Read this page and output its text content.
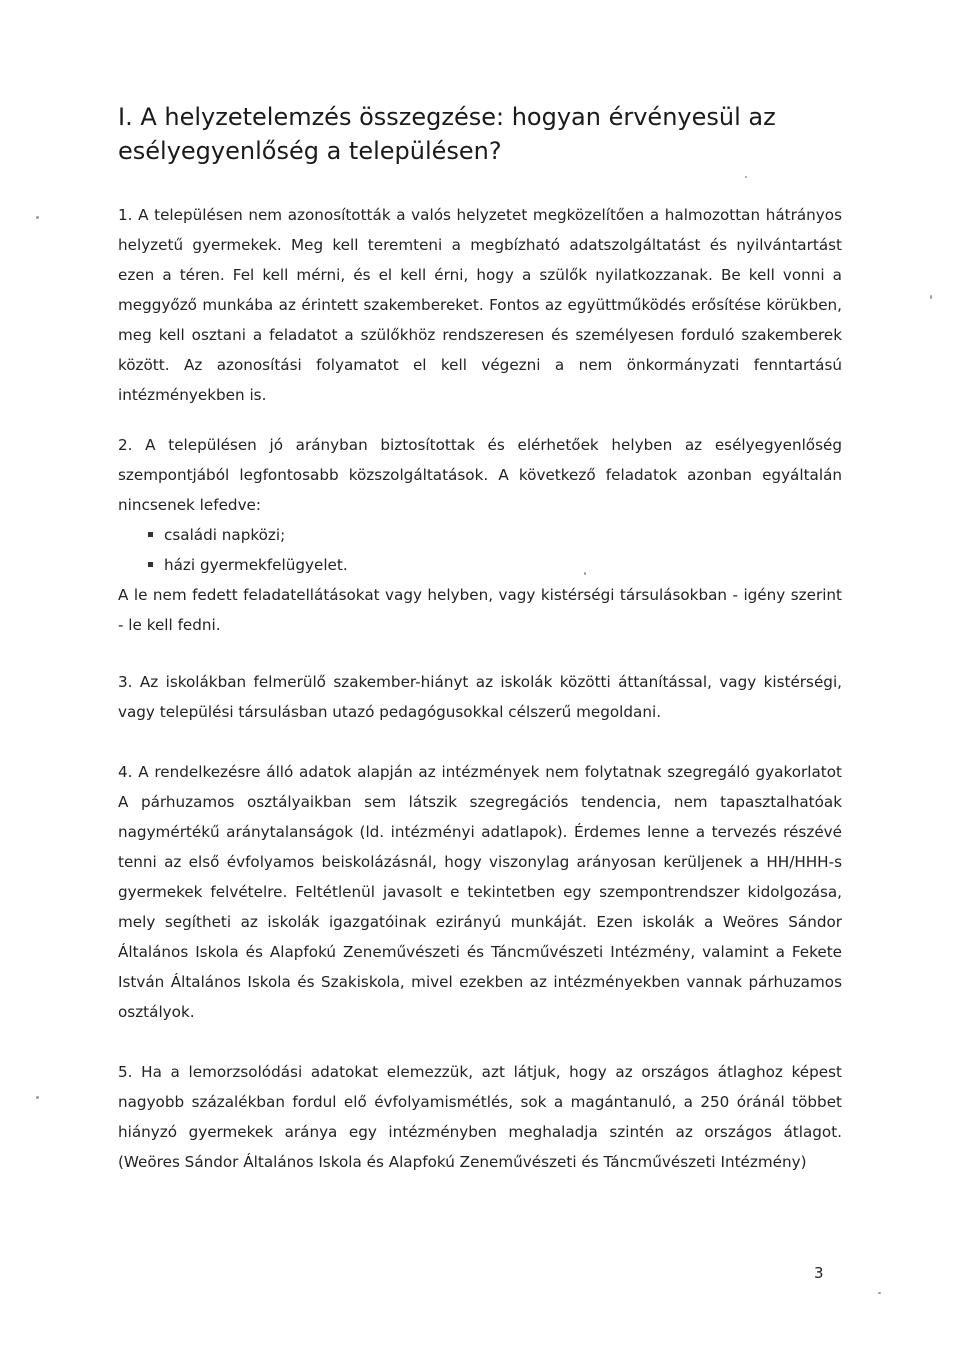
I. A helyzetelemzés összegzése: hogyan érvényesül az
esélyegyenlőség a településen?

1. A településen nem azonosították a valós helyzetet megközelítően a halmozottan hátrányos helyzetű gyermekek. Meg kell teremteni a megbízható adatszolgáltatást és nyilvántartást ezen a téren. Fel kell mérni, és el kell érni, hogy a szülők nyilatkozzanak. Be kell vonni a meggyőző munkába az érintett szakembereket. Fontos az együttműködés erősítése körükben, meg kell osztani a feladatot a szülőkhöz rendszeresen és személyesen forduló szakemberek között. Az azonosítási folyamatot el kell végezni a nem önkormányzati fenntartású intézményekben is.

2. A településen jó arányban biztosítottak és elérhetőek helyben az esélyegyenlőség szempontjából legfontosabb közszolgáltatások. A következő feladatok azonban egyáltalán nincsenek lefedve:

családi napközi;
házi gyermekfelügyelet.

A le nem fedett feladatellátásokat vagy helyben, vagy kistérségi társulásokban - igény szerint - le kell fedni.

3. Az iskolákban felmerülő szakember-hiányt az iskolák közötti áttanítással, vagy kistérségi, vagy települési társulásban utazó pedagógusokkal célszerű megoldani.

4. A rendelkezésre álló adatok alapján az intézmények nem folytatnak szegregáló gyakorlatot A párhuzamos osztályaikban sem látszik szegregációs tendencia, nem tapasztalhatóak nagymértékű aránytalanságok (ld. intézményi adatlapok). Érdemes lenne a tervezés részévé tenni az első évfolyamos beiskolázásnál, hogy viszonylag arányosan kerüljenek a HH/HHH-s gyermekek felvételre. Feltétlenül javasolt e tekintetben egy szempontrendszer kidolgozása, mely segítheti az iskolák igazgatóinak ezirányú munkáját. Ezen iskolák a Weöres Sándor Általános Iskola és Alapfokú Zeneművészeti és Táncművészeti Intézmény, valamint a Fekete István Általános Iskola és Szakiskola, mivel ezekben az intézményekben vannak párhuzamos osztályok.

5. Ha a lemorzsolódási adatokat elemezzük, azt látjuk, hogy az országos átlaghoz képest nagyobb százalékban fordul elő évfolyamismétlés, sok a magántanuló, a 250 óránál többet hiányzó gyermekek aránya egy intézményben meghaladja szintén az országos átlagot.(Weöres Sándor Általános Iskola és Alapfokú Zeneművészeti és Táncművészeti Intézmény)

3
